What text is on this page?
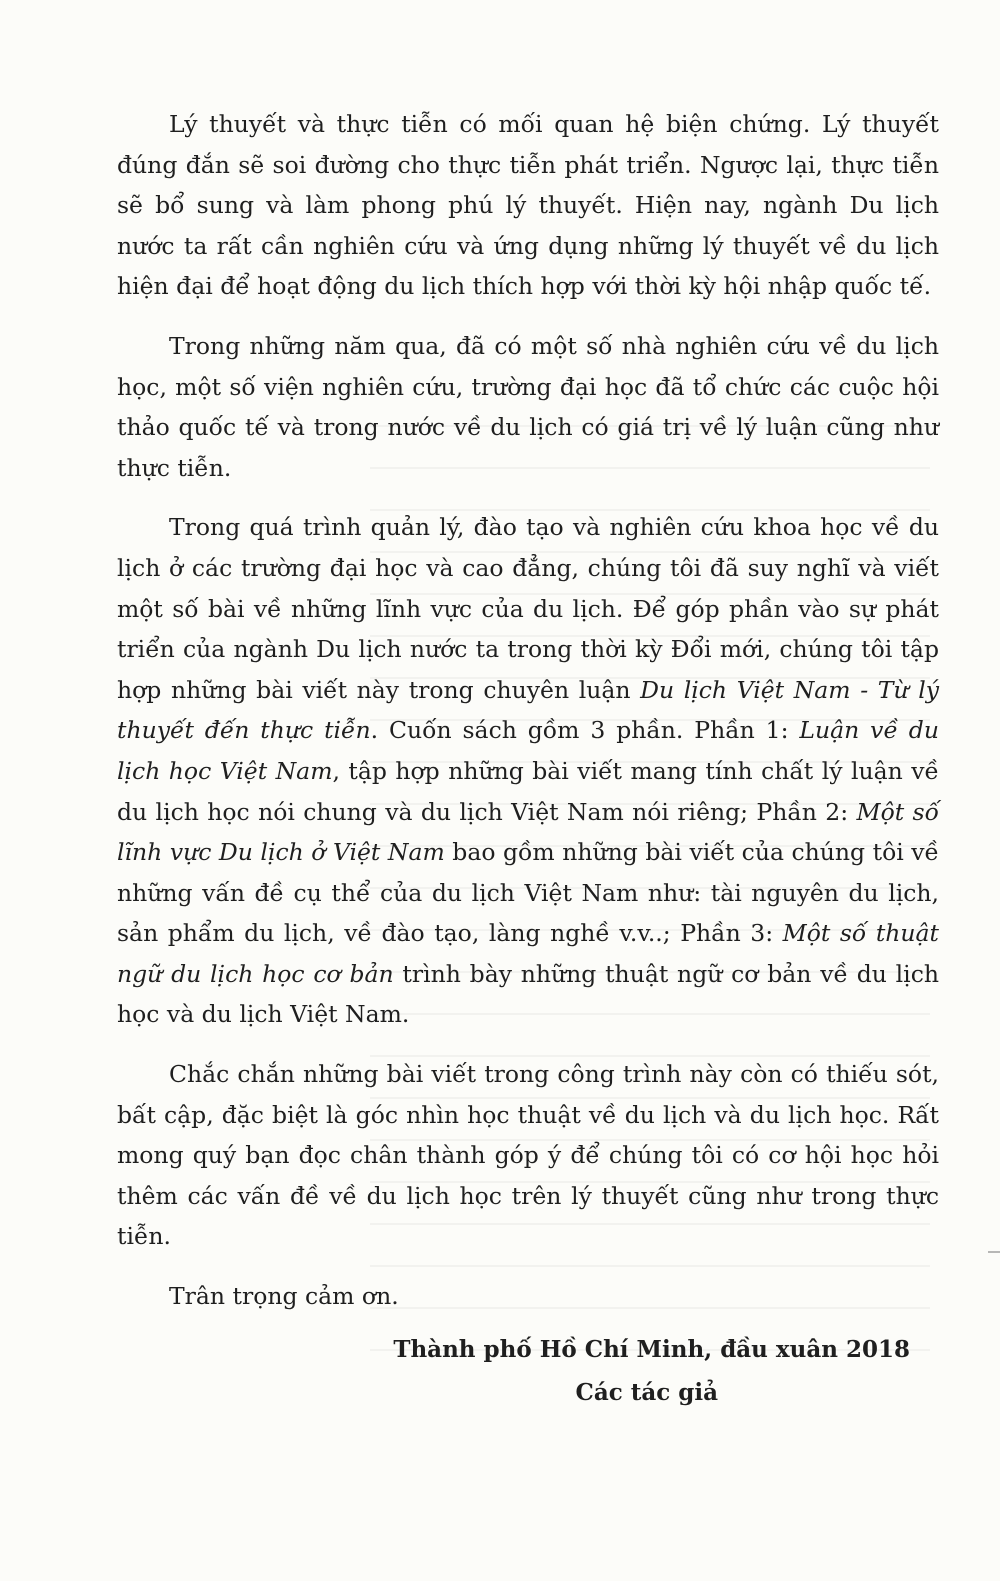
Lý thuyết và thực tiễn có mối quan hệ biện chứng. Lý thuyết đúng đắn sẽ soi đường cho thực tiễn phát triển. Ngược lại, thực tiễn sẽ bổ sung và làm phong phú lý thuyết. Hiện nay, ngành Du lịch nước ta rất cần nghiên cứu và ứng dụng những lý thuyết về du lịch hiện đại để hoạt động du lịch thích hợp với thời kỳ hội nhập quốc tế.

Trong những năm qua, đã có một số nhà nghiên cứu về du lịch học, một số viện nghiên cứu, trường đại học đã tổ chức các cuộc hội thảo quốc tế và trong nước về du lịch có giá trị về lý luận cũng như thực tiễn.

Trong quá trình quản lý, đào tạo và nghiên cứu khoa học về du lịch ở các trường đại học và cao đẳng, chúng tôi đã suy nghĩ và viết một số bài về những lĩnh vực của du lịch. Để góp phần vào sự phát triển của ngành Du lịch nước ta trong thời kỳ Đổi mới, chúng tôi tập hợp những bài viết này trong chuyên luận Du lịch Việt Nam - Từ lý thuyết đến thực tiễn. Cuốn sách gồm 3 phần. Phần 1: Luận về du lịch học Việt Nam, tập hợp những bài viết mang tính chất lý luận về du lịch học nói chung và du lịch Việt Nam nói riêng; Phần 2: Một số lĩnh vực Du lịch ở Việt Nam bao gồm những bài viết của chúng tôi về những vấn đề cụ thể của du lịch Việt Nam như: tài nguyên du lịch, sản phẩm du lịch, về đào tạo, làng nghề v.v..; Phần 3: Một số thuật ngữ du lịch học cơ bản trình bày những thuật ngữ cơ bản về du lịch học và du lịch Việt Nam.

Chắc chắn những bài viết trong công trình này còn có thiếu sót, bất cập, đặc biệt là góc nhìn học thuật về du lịch và du lịch học. Rất mong quý bạn đọc chân thành góp ý để chúng tôi có cơ hội học hỏi thêm các vấn đề về du lịch học trên lý thuyết cũng như trong thực tiễn.

Trân trọng cảm ơn.

Thành phố Hồ Chí Minh, đầu xuân 2018
Các tác giả
